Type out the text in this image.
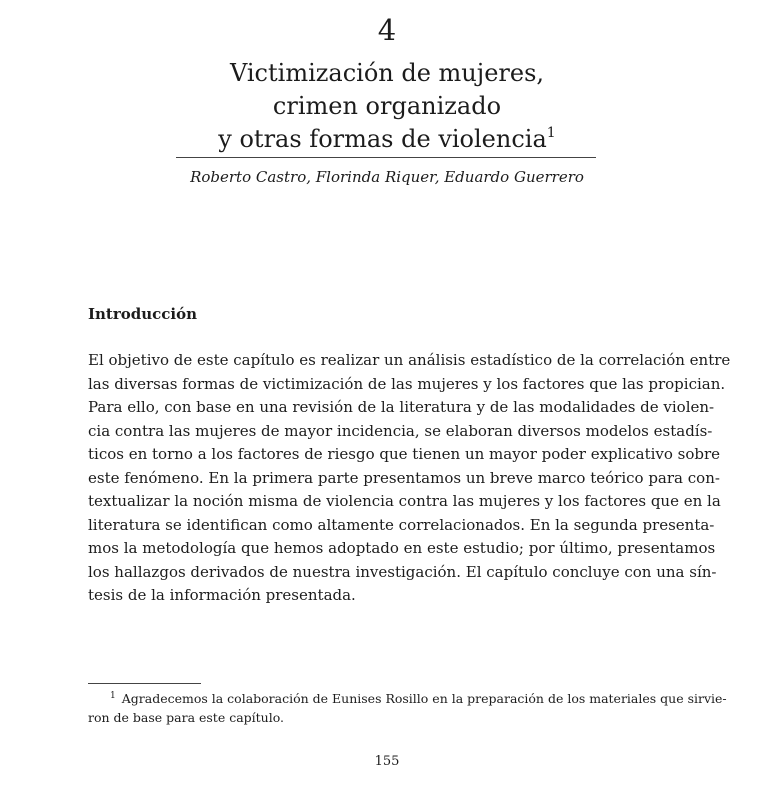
4
Victimización de mujeres,
crimen organizado
y otras formas de violencia$^1$
Roberto Castro, Florinda Riquer, Eduardo Guerrero
Introducción
El objetivo de este capítulo es realizar un análisis estadístico de la correlación entre
las diversas formas de victimización de las mujeres y los factores que las propician.
Para ello, con base en una revisión de la literatura y de las modalidades de violen-
cia contra las mujeres de mayor incidencia, se elaboran diversos modelos estadís-
ticos en torno a los factores de riesgo que tienen un mayor poder explicativo sobre
este fenómeno. En la primera parte presentamos un breve marco teórico para con-
textualizar la noción misma de violencia contra las mujeres y los factores que en la
literatura se identifican como altamente correlacionados. En la segunda presenta-
mos la metodología que hemos adoptado en este estudio; por último, presentamos
los hallazgos derivados de nuestra investigación. El capítulo concluye con una sín-
tesis de la información presentada.
$^1$ Agradecemos la colaboración de Eunises Rosillo en la preparación de los materiales que sirvie-
ron de base para este capítulo.
155
